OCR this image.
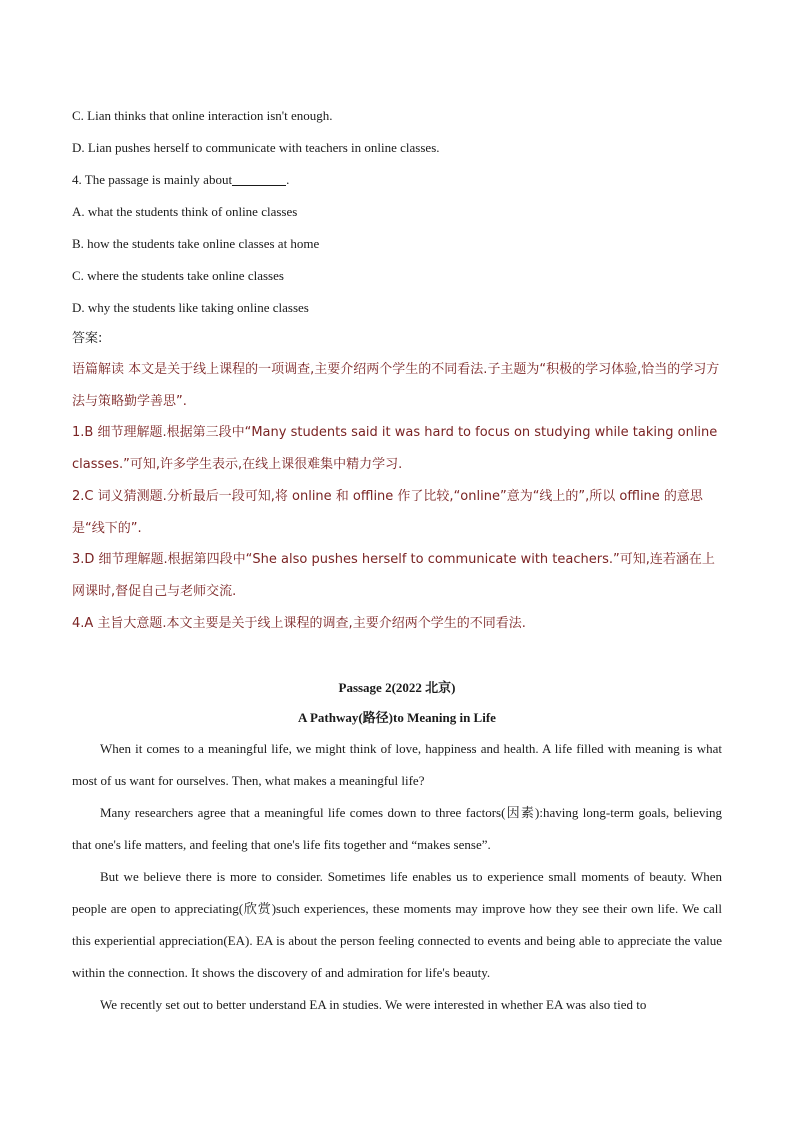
C. Lian thinks that online interaction isn't enough.
D. Lian pushes herself to communicate with teachers in online classes.
4. The passage is mainly about	.
A. what the students think of online classes
B. how the students take online classes at home
C. where the students take online classes
D. why the students like taking online classes
答案:
语篇解读 本文是关于线上课程的一项调查,主要介绍两个学生的不同看法.子主题为“积极的学习体验,恰当的学习方法与策略勤学善思”.
1.B 细节理解题.根据第三段中“Many students said it was hard to focus on studying while taking online classes.”可知,许多学生表示,在线上课很难集中精力学习.
2.C 词义猜测题.分析最后一段可知,将 online 和 offline 作了比较,“online”意为“线上的”,所以 offline 的意思是“线下的”.
3.D 细节理解题.根据第四段中“She also pushes herself to communicate with teachers.”可知,连若涵在上网课时,督促自己与老师交流.
4.A 主旨大意题.本文主要是关于线上课程的调查,主要介绍两个学生的不同看法.
Passage 2(2022 北京)
A Pathway(路径)to Meaning in Life

When it comes to a meaningful life, we might think of love, happiness and health. A life filled with meaning is what most of us want for ourselves. Then, what makes a meaningful life?

Many researchers agree that a meaningful life comes down to three factors(因素):having long-term goals, believing that one's life matters, and feeling that one's life fits together and “makes sense”.

But we believe there is more to consider. Sometimes life enables us to experience small moments of beauty. When people are open to appreciating(欣赏)such experiences, these moments may improve how they see their own life. We call this experiential appreciation(EA). EA is about the person feeling connected to events and being able to appreciate the value within the connection. It shows the discovery of and admiration for life's beauty.

We recently set out to better understand EA in studies. We were interested in whether EA was also tied to
